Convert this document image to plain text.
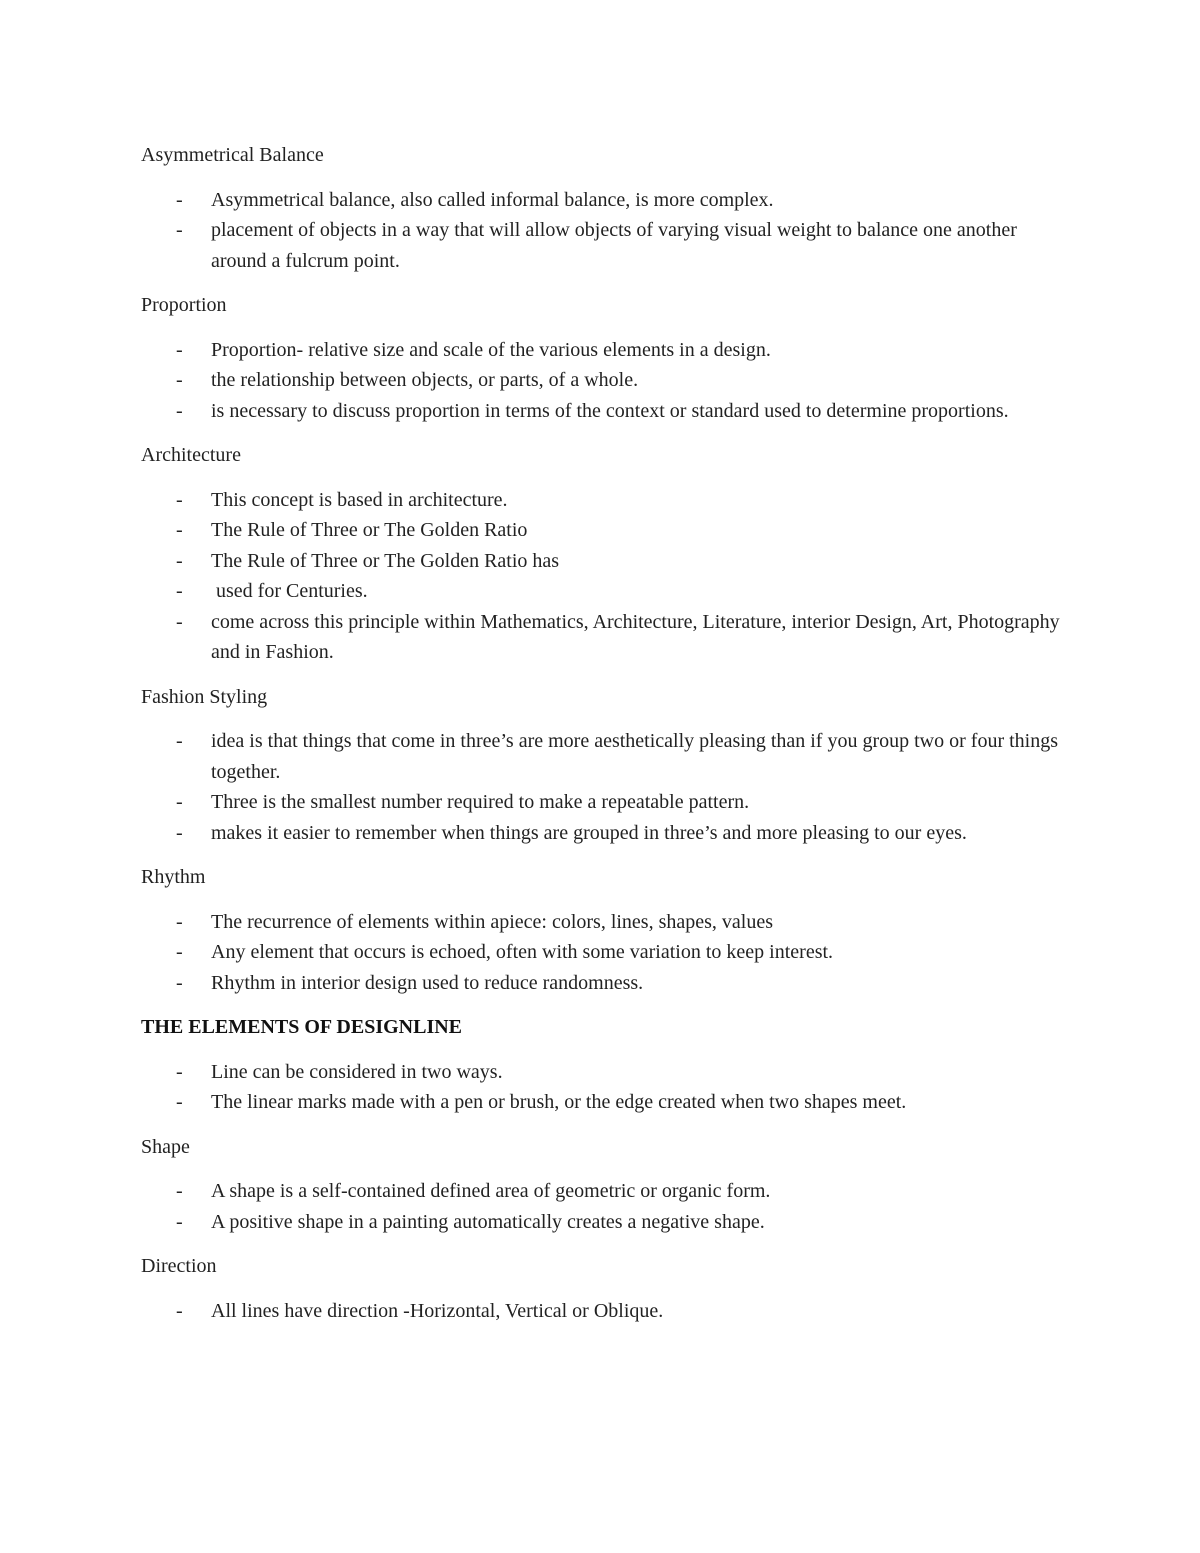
Asymmetrical Balance

- Asymmetrical balance, also called informal balance, is more complex.
- placement of objects in a way that will allow objects of varying visual weight to balance one another around a fulcrum point.

Proportion

- Proportion- relative size and scale of the various elements in a design.
- the relationship between objects, or parts, of a whole.
- is necessary to discuss proportion in terms of the context or standard used to determine proportions.

Architecture

- This concept is based in architecture.
- The Rule of Three or The Golden Ratio
- The Rule of Three or The Golden Ratio has
- used for Centuries.
- come across this principle within Mathematics, Architecture, Literature, interior Design, Art, Photography and in Fashion.

Fashion Styling

- idea is that things that come in three’s are more aesthetically pleasing than if you group two or four things together.
- Three is the smallest number required to make a repeatable pattern.
- makes it easier to remember when things are grouped in three’s and more pleasing to our eyes.

Rhythm

- The recurrence of elements within apiece: colors, lines, shapes, values
- Any element that occurs is echoed, often with some variation to keep interest.
- Rhythm in interior design used to reduce randomness.

THE ELEMENTS OF DESIGNLINE

- Line can be considered in two ways.
- The linear marks made with a pen or brush, or the edge created when two shapes meet.

Shape

- A shape is a self-contained defined area of geometric or organic form.
- A positive shape in a painting automatically creates a negative shape.

Direction

- All lines have direction -Horizontal, Vertical or Oblique.
